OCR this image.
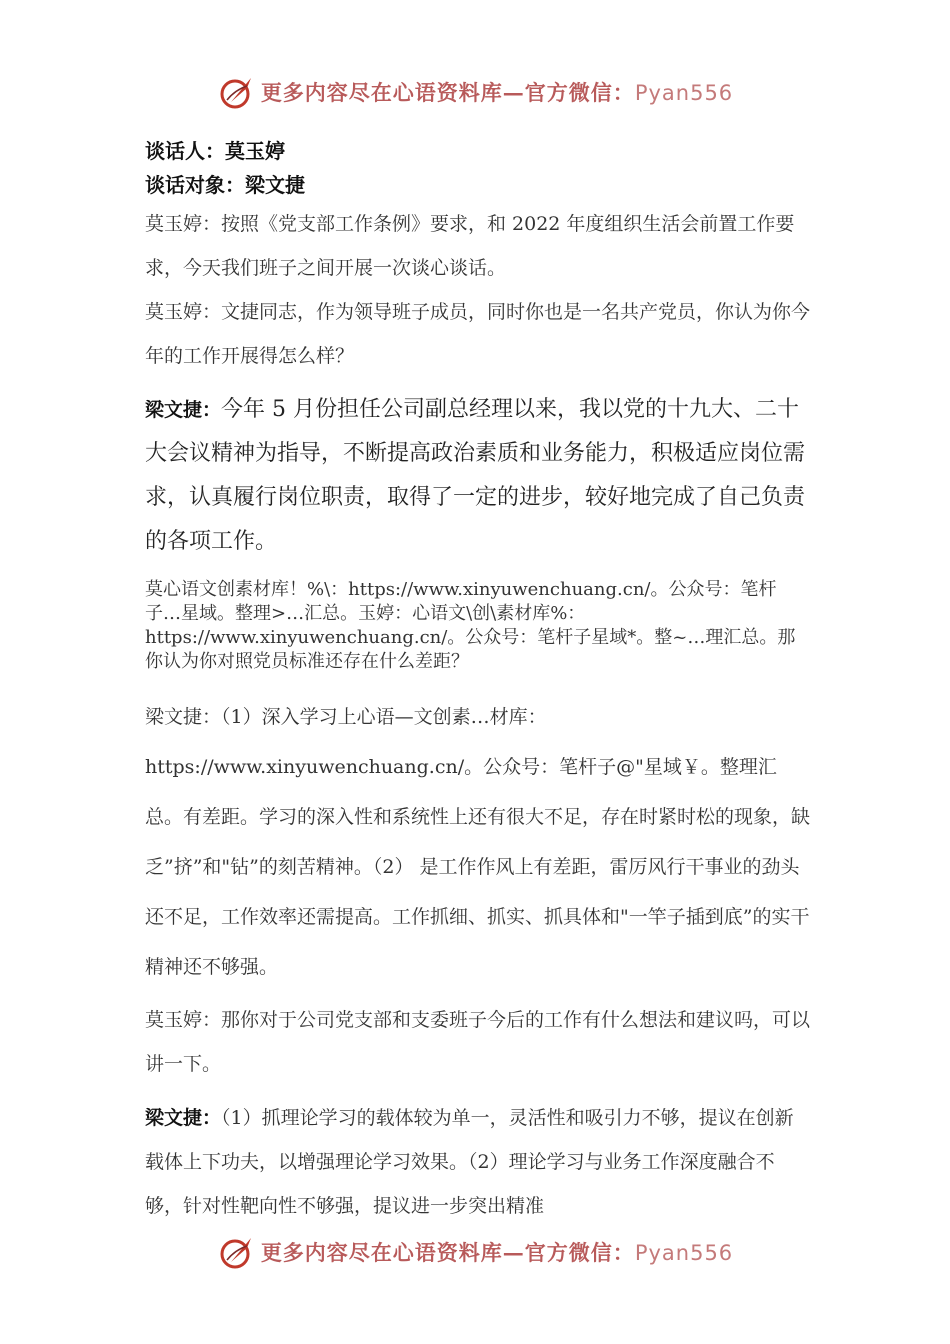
更多内容尽在心语资料库—官方微信：Pyan556
谈话人：莫玉婷
谈话对象：梁文捷

莫玉婷：按照《党支部工作条例》要求，和 2022 年度组织生活会前置工作要求，今天我们班子之间开展一次谈心谈话。

莫玉婷：文捷同志，作为领导班子成员，同时你也是一名共产党员，你认为你今年的工作开展得怎么样？

梁文捷：今年 5 月份担任公司副总经理以来，我以党的十九大、二十大会议精神为指导，不断提高政治素质和业务能力，积极适应岗位需求，认真履行岗位职责，取得了一定的进步，较好地完成了自己负责的各项工作。

莫心语文创素材库！%\：https://www.xinyuwenchuang.cn/。公众号：笔杆子…星域。整理>…汇总。玉婷：心语文\创\素材库%：https://www.xinyuwenchuang.cn/。公众号：笔杆子星域*。整~…理汇总。那你认为你对照党员标准还存在什么差距？

梁文捷：（1）深入学习上心语—文创素…材库：https://www.xinyuwenchuang.cn/。公众号：笔杆子@"星域￥。整理汇总。有差距。学习的深入性和系统性上还有很大不足，存在时紧时松的现象，缺乏”挤”和"钻”的刻苦精神。（2） 是工作作风上有差距，雷厉风行干事业的劲头还不足，工作效率还需提高。工作抓细、抓实、抓具体和"一竿子插到底”的实干精神还不够强。

莫玉婷：那你对于公司党支部和支委班子今后的工作有什么想法和建议吗，可以讲一下。

梁文捷：（1）抓理论学习的载体较为单一，灵活性和吸引力不够，提议在创新载体上下功夫，以增强理论学习效果。（2）理论学习与业务工作深度融合不够，针对性靶向性不够强，提议进一步突出精准

更多内容尽在心语资料库—官方微信：Pyan556
